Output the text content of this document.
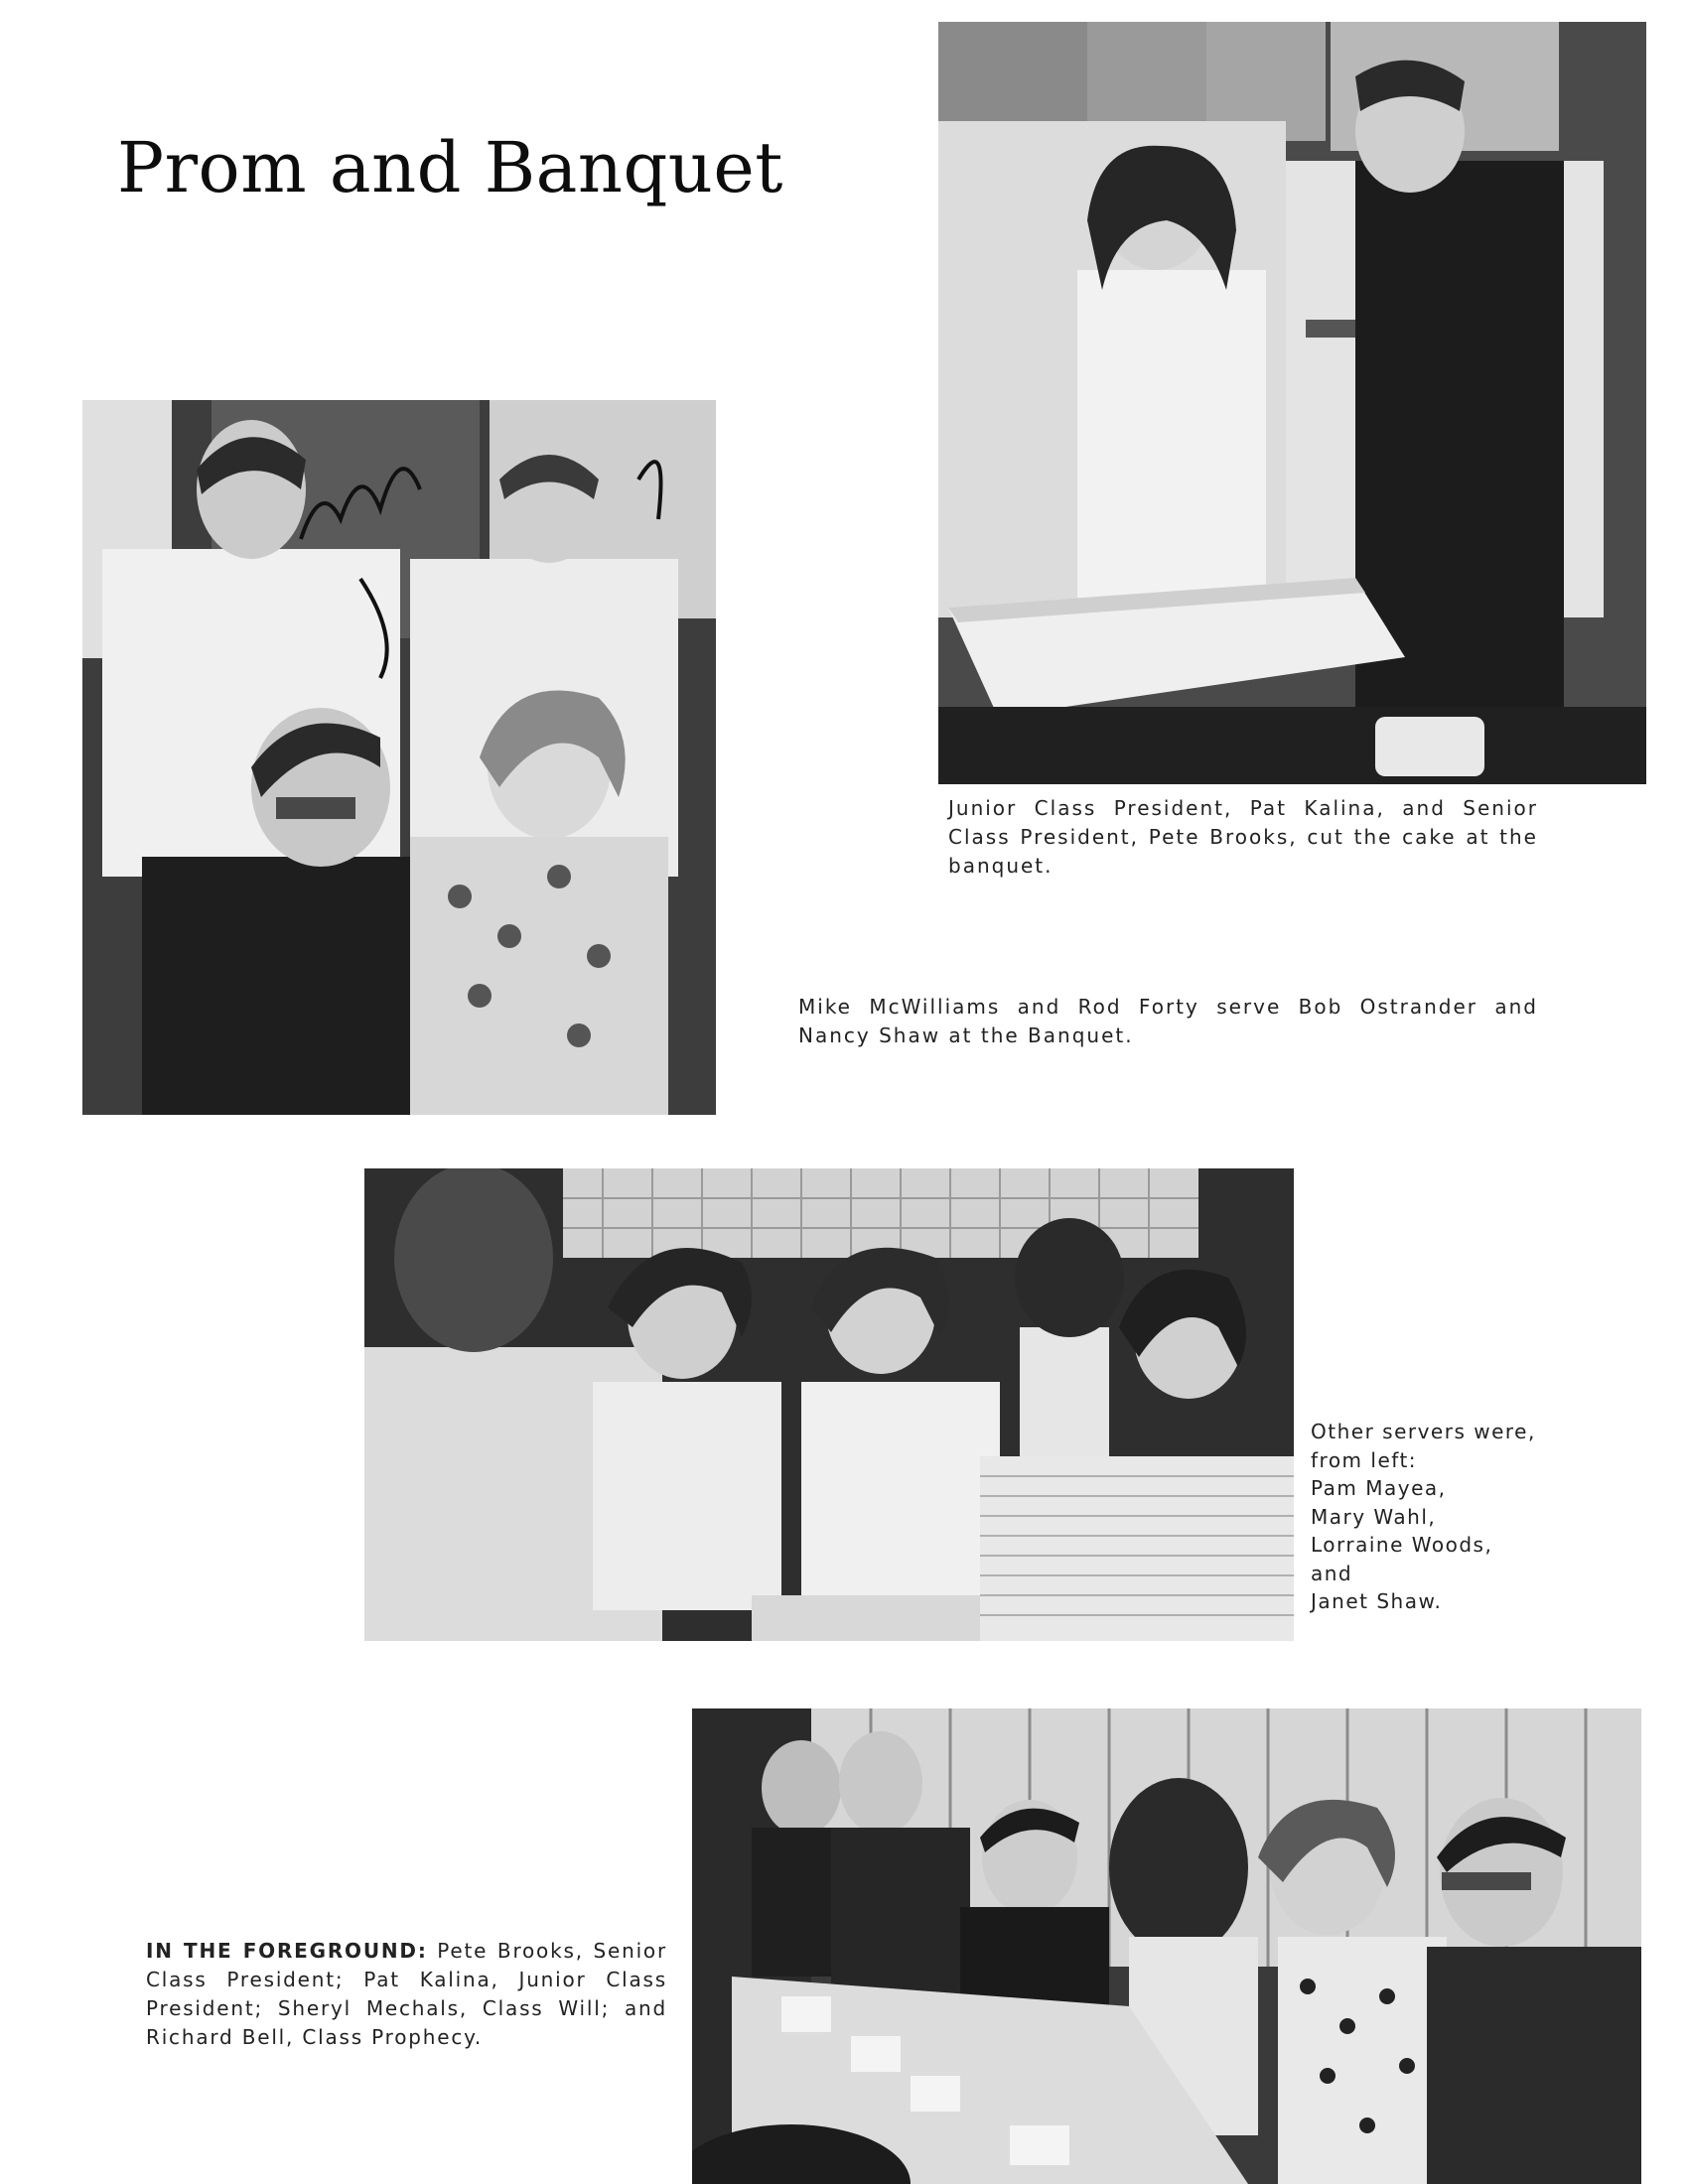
Prom and Banquet

Junior Class President, Pat Kalina, and Senior Class President, Pete Brooks, cut the cake at the banquet.

Mike McWilliams and Rod Forty serve Bob Ostrander and Nancy Shaw at the Banquet.

Other servers were,
from left:
Pam Mayea,
Mary Wahl,
Lorraine Woods,
and
Janet Shaw.

IN THE FOREGROUND: Pete Brooks, Senior Class President; Pat Kalina, Junior Class President; Sheryl Mechals, Class Will; and Richard Bell, Class Prophecy.
